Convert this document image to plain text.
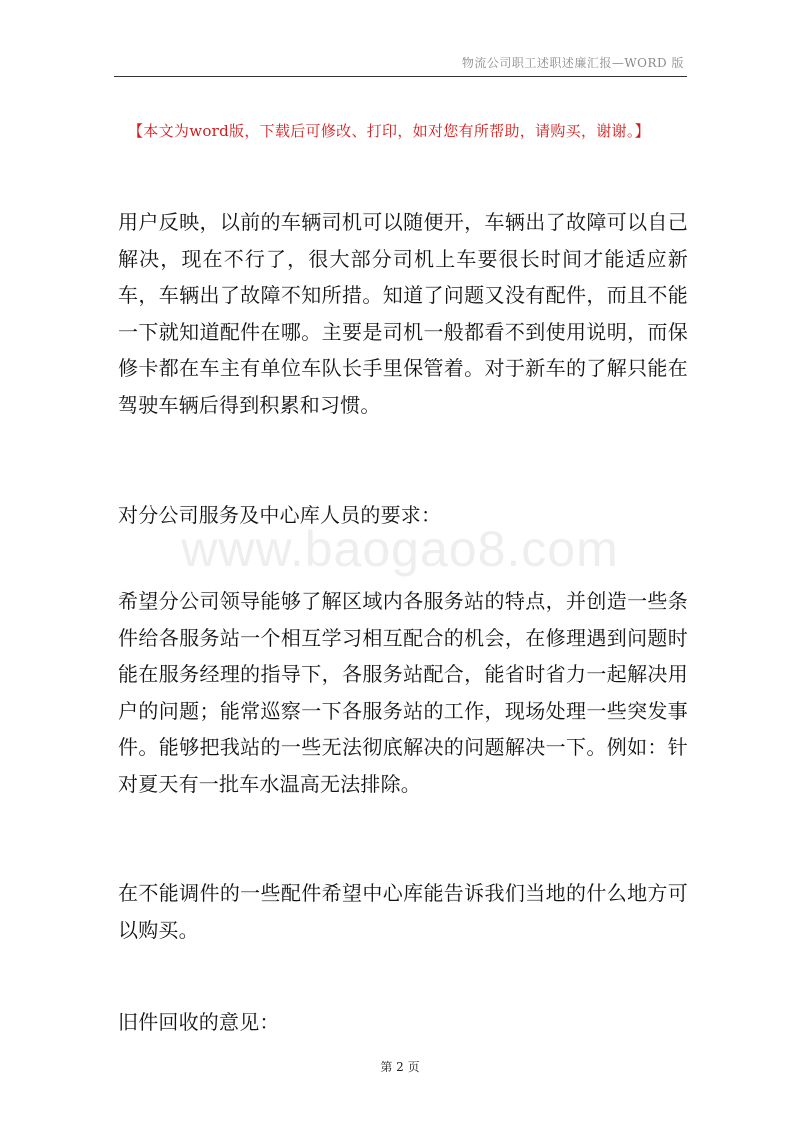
物流公司职工述职述廉汇报—WORD 版
【本文为word版，下载后可修改、打印，如对您有所帮助，请购买，谢谢。】

用户反映，以前的车辆司机可以随便开，车辆出了故障可以自己解决，现在不行了，很大部分司机上车要很长时间才能适应新车，车辆出了故障不知所措。知道了问题又没有配件，而且不能一下就知道配件在哪。主要是司机一般都看不到使用说明，而保修卡都在车主有单位车队长手里保管着。对于新车的了解只能在驾驶车辆后得到积累和习惯。

对分公司服务及中心库人员的要求：

希望分公司领导能够了解区域内各服务站的特点，并创造一些条件给各服务站一个相互学习相互配合的机会，在修理遇到问题时能在服务经理的指导下，各服务站配合，能省时省力一起解决用户的问题；能常巡察一下各服务站的工作，现场处理一些突发事件。能够把我站的一些无法彻底解决的问题解决一下。例如：针对夏天有一批车水温高无法排除。

在不能调件的一些配件希望中心库能告诉我们当地的什么地方可以购买。

旧件回收的意见：

www.baogao8.com
第 2 页
